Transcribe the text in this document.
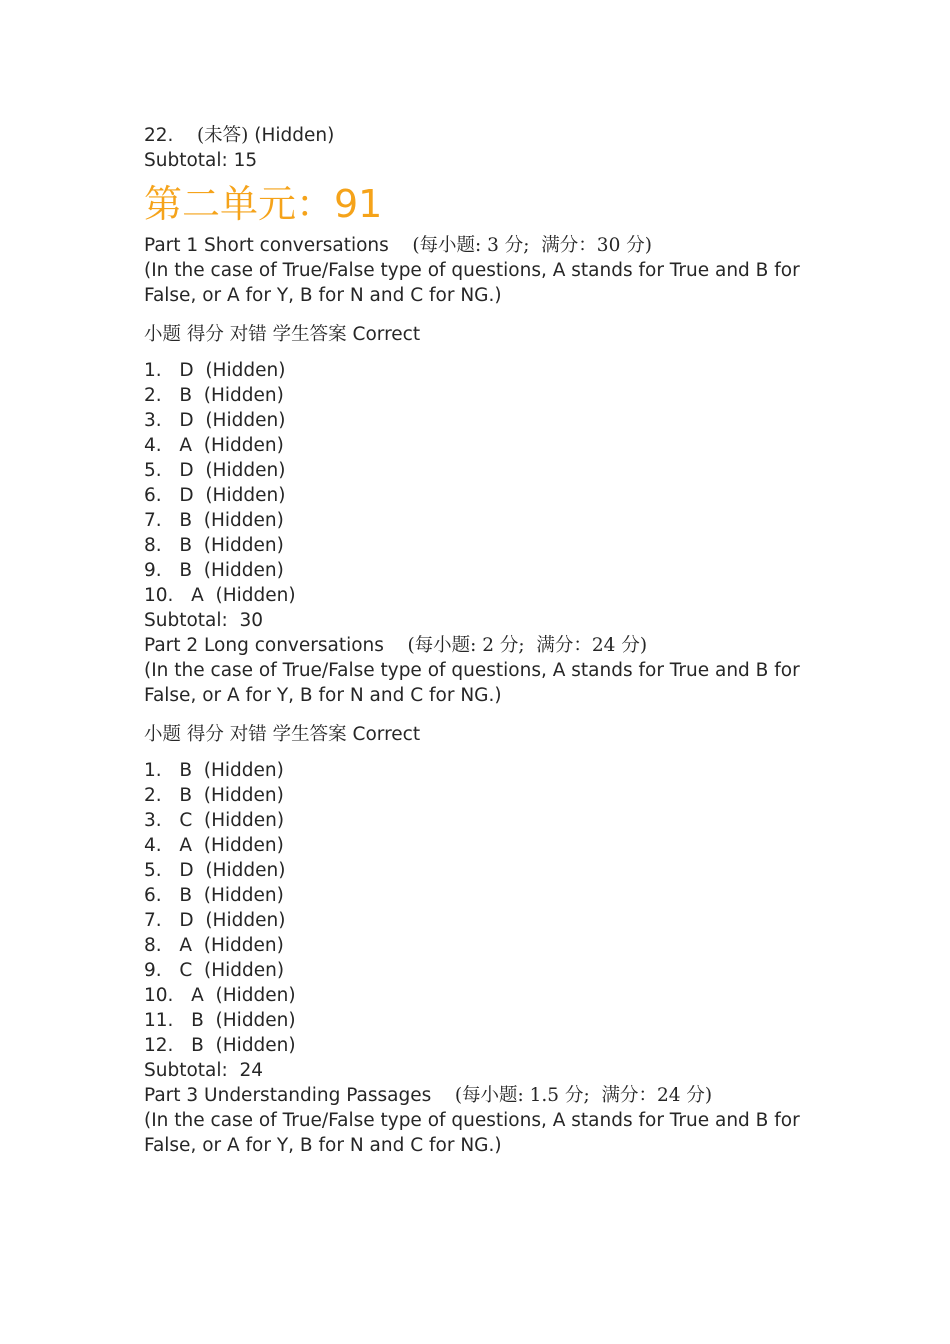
22. (未答) (Hidden)
Subtotal: 15
第二单元：91
Part 1 Short conversations (每小题: 3 分;  满分：30 分)
(In the case of True/False type of questions, A stands for True and B for False, or A for Y, B for N and C for NG.)
小题 得分 对错 学生答案 Correct
1. D (Hidden)
2. B (Hidden)
3. D (Hidden)
4. A (Hidden)
5. D (Hidden)
6. D (Hidden)
7. B (Hidden)
8. B (Hidden)
9. B (Hidden)
10. A (Hidden)
Subtotal: 30
Part 2 Long conversations (每小题: 2 分;  满分：24 分)
(In the case of True/False type of questions, A stands for True and B for False, or A for Y, B for N and C for NG.)
小题 得分 对错 学生答案 Correct
1. B (Hidden)
2. B (Hidden)
3. C (Hidden)
4. A (Hidden)
5. D (Hidden)
6. B (Hidden)
7. D (Hidden)
8. A (Hidden)
9. C (Hidden)
10. A (Hidden)
11. B (Hidden)
12. B (Hidden)
Subtotal: 24
Part 3 Understanding Passages (每小题: 1.5 分;  满分：24 分)
(In the case of True/False type of questions, A stands for True and B for False, or A for Y, B for N and C for NG.)
